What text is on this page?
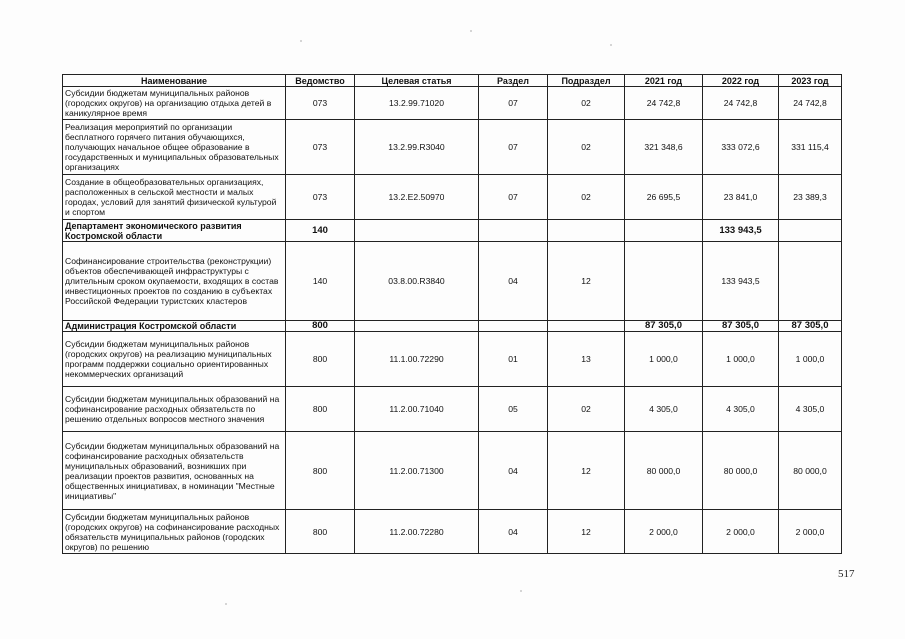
Наименование	Ведомство	Целевая статья	Раздел	Подраздел	2021 год	2022 год	2023 год
Субсидии бюджетам муниципальных районов (городских округов) на организацию отдыха детей в каникулярное время	073	13.2.99.71020	07	02	24 742,8	24 742,8	24 742,8
Реализация мероприятий по организации бесплатного горячего питания обучающихся, получающих начальное общее образование в государственных и муниципальных образовательных организациях	073	13.2.99.R3040	07	02	321 348,6	333 072,6	331 115,4
Создание в общеобразовательных организациях, расположенных в сельской местности и малых городах, условий для занятий физической культурой и спортом	073	13.2.Е2.50970	07	02	26 695,5	23 841,0	23 389,3
Департамент экономического развития Костромской области	140					133 943,5	
Софинансирование строительства (реконструкции) объектов обеспечивающей инфраструктуры с длительным сроком окупаемости, входящих в состав инвестиционных проектов по созданию в субъектах Российской Федерации туристских кластеров	140	03.8.00.R3840	04	12		133 943,5	
Администрация Костромской области	800				87 305,0	87 305,0	87 305,0
Субсидии бюджетам муниципальных районов (городских округов) на реализацию муниципальных программ поддержки социально ориентированных некоммерческих организаций	800	11.1.00.72290	01	13	1 000,0	1 000,0	1 000,0
Субсидии бюджетам муниципальных образований на софинансирование расходных обязательств по решению отдельных вопросов местного значения	800	11.2.00.71040	05	02	4 305,0	4 305,0	4 305,0
Субсидии бюджетам муниципальных образований на софинансирование расходных обязательств муниципальных образований, возникших при реализации проектов развития, основанных на общественных инициативах, в номинации "Местные инициативы"	800	11.2.00.71300	04	12	80 000,0	80 000,0	80 000,0
Субсидии бюджетам муниципальных районов (городских округов) на софинансирование расходных обязательств муниципальных районов (городских округов) по решению	800	11.2.00.72280	04	12	2 000,0	2 000,0	2 000,0
517
